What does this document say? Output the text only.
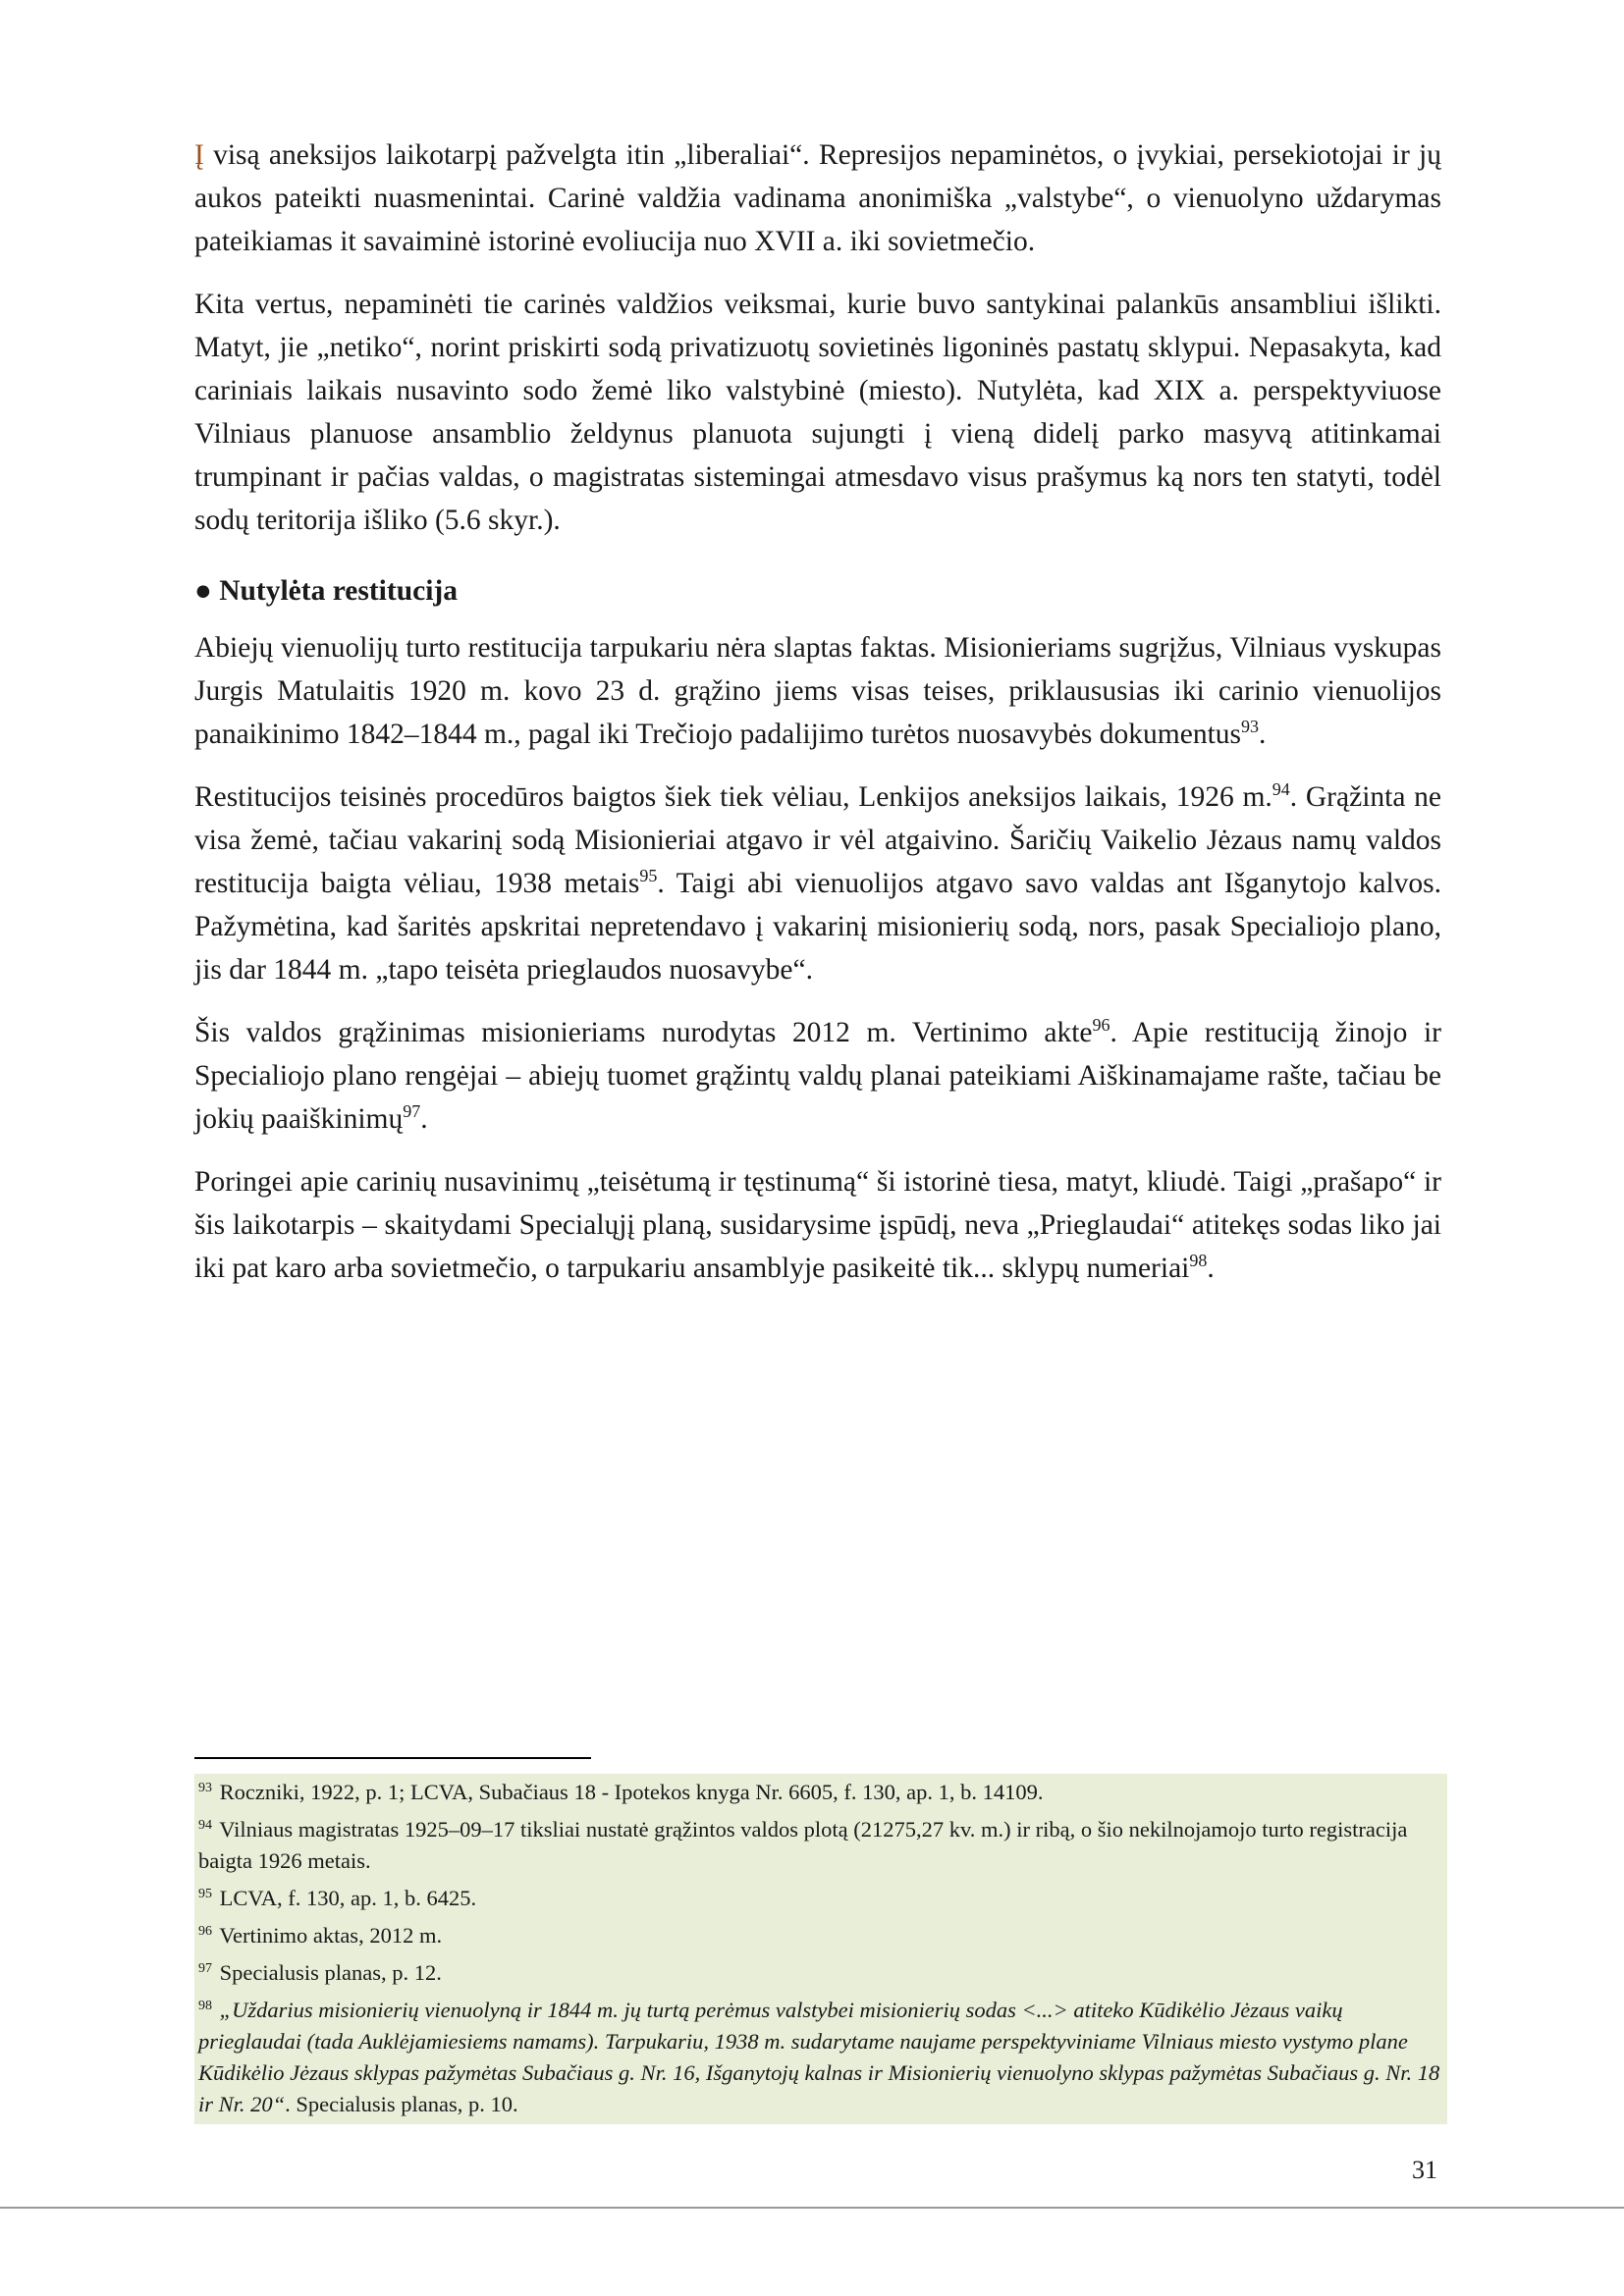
Į visą aneksijos laikotarpį pažvelgta itin „liberaliai“. Represijos nepaminėtos, o įvykiai, persekiotojai ir jų aukos pateikti nuasmenintai. Carinė valdžia vadinama anonimiška „valstybe“, o vienuolyno uždarymas pateikiamas it savaiminė istorinė evoliucija nuo XVII a. iki sovietmečio.

Kita vertus, nepaminėti tie carinės valdžios veiksmai, kurie buvo santykinai palankūs ansambliui išlikti. Matyt, jie „netiko“, norint priskirti sodą privatizuotų sovietinės ligoninės pastatų sklypui. Nepasakyta, kad cariniais laikais nusavinto sodo žemė liko valstybinė (miesto). Nutylėta, kad XIX a. perspektyviuose Vilniaus planuose ansamblio želdynus planuota sujungti į vieną didelį parko masyvą atitinkamai trumpinant ir pačias valdas, o magistratas sistemingai atmesdavo visus prašymus ką nors ten statyti, todėl sodų teritorija išliko (5.6 skyr.).

● Nutylėta restitucija

Abiejų vienuolijų turto restitucija tarpukariu nėra slaptas faktas. Misionieriams sugrįžus, Vilniaus vyskupas Jurgis Matulaitis 1920 m. kovo 23 d. grąžino jiems visas teises, priklaususias iki carinio vienuolijos panaikinimo 1842–1844 m., pagal iki Trečiojo padalijimo turėtos nuosavybės dokumentus$^{93}$.

Restitucijos teisinės procedūros baigtos šiek tiek vėliau, Lenkijos aneksijos laikais, 1926 m.$^{94}$. Grąžinta ne visa žemė, tačiau vakarinį sodą Misionieriai atgavo ir vėl atgaivino. Šaričių Vaikelio Jėzaus namų valdos restitucija baigta vėliau, 1938 metais$^{95}$. Taigi abi vienuolijos atgavo savo valdas ant Išganytojo kalvos. Pažymėtina, kad šaritės apskritai nepretendavo į vakarinį misionierių sodą, nors, pasak Specialiojo plano, jis dar 1844 m. „tapo teisėta prieglaudos nuosavybe“.

Šis valdos grąžinimas misionieriams nurodytas 2012 m. Vertinimo akte$^{96}$. Apie restituciją žinojo ir Specialiojo plano rengėjai – abiejų tuomet grąžintų valdų planai pateikiami Aiškinamajame rašte, tačiau be jokių paaiškinimų$^{97}$.

Poringei apie carinių nusavinimų „teisėtumą ir tęstinumą“ ši istorinė tiesa, matyt, kliudė. Taigi „prašapo“ ir šis laikotarpis – skaitydami Specialųjį planą, susidarysime įspūdį, neva „Prieglaudai“ atitekęs sodas liko jai iki pat karo arba sovietmečio, o tarpukariu ansamblyje pasikeitė tik... sklypų numeriai$^{98}$.

$^{93}$ Roczniki, 1922, p. 1; LCVA, Subačiaus 18 - Ipotekos knyga Nr. 6605, f. 130, ap. 1, b. 14109.

$^{94}$ Vilniaus magistratas 1925–09–17 tiksliai nustatė grąžintos valdos plotą (21275,27 kv. m.) ir ribą, o šio nekilnojamojo turto registracija baigta 1926 metais.

$^{95}$ LCVA, f. 130, ap. 1, b. 6425.

$^{96}$ Vertinimo aktas, 2012 m.

$^{97}$ Specialusis planas, p. 12.

$^{98}$ „Uždarius misionierių vienuolyną ir 1844 m. jų turtą perėmus valstybei misionierių sodas <...> atiteko Kūdikėlio Jėzaus vaikų prieglaudai (tada Auklėjamiesiems namams). Tarpukariu, 1938 m. sudarytame naujame perspektyviniame Vilniaus miesto vystymo plane Kūdikėlio Jėzaus sklypas pažymėtas Subačiaus g. Nr. 16, Išganytojų kalnas ir Misionierių vienuolyno sklypas pažymėtas Subačiaus g. Nr. 18 ir Nr. 20“. Specialusis planas, p. 10.

31
